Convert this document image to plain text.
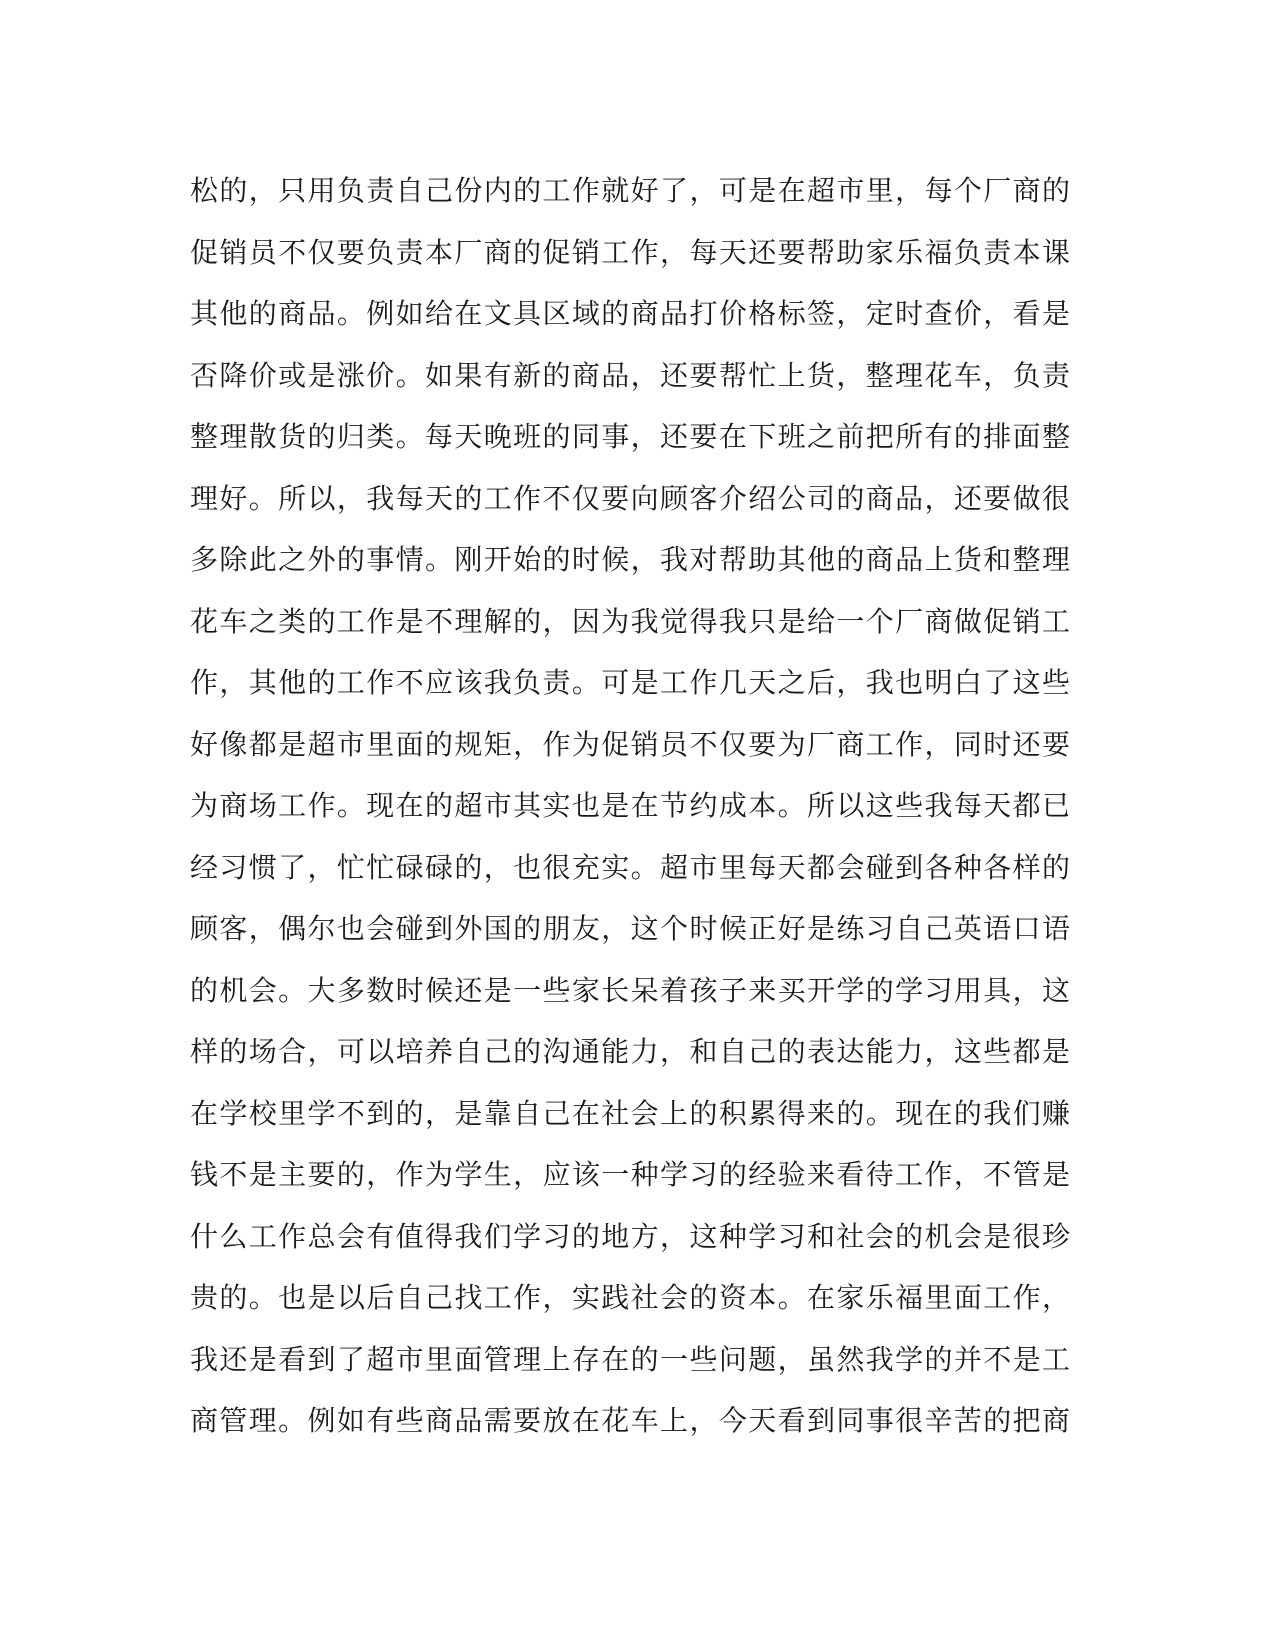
松的，只用负责自己份内的工作就好了，可是在超市里，每个厂商的
促销员不仅要负责本厂商的促销工作，每天还要帮助家乐福负责本课
其他的商品。例如给在文具区域的商品打价格标签，定时查价，看是
否降价或是涨价。如果有新的商品，还要帮忙上货，整理花车，负责
整理散货的归类。每天晚班的同事，还要在下班之前把所有的排面整
理好。所以，我每天的工作不仅要向顾客介绍公司的商品，还要做很
多除此之外的事情。刚开始的时候，我对帮助其他的商品上货和整理
花车之类的工作是不理解的，因为我觉得我只是给一个厂商做促销工
作，其他的工作不应该我负责。可是工作几天之后，我也明白了这些
好像都是超市里面的规矩，作为促销员不仅要为厂商工作，同时还要
为商场工作。现在的超市其实也是在节约成本。所以这些我每天都已
经习惯了，忙忙碌碌的，也很充实。超市里每天都会碰到各种各样的
顾客，偶尔也会碰到外国的朋友，这个时候正好是练习自己英语口语
的机会。大多数时候还是一些家长呆着孩子来买开学的学习用具，这
样的场合，可以培养自己的沟通能力，和自己的表达能力，这些都是
在学校里学不到的，是靠自己在社会上的积累得来的。现在的我们赚
钱不是主要的，作为学生，应该一种学习的经验来看待工作，不管是
什么工作总会有值得我们学习的地方，这种学习和社会的机会是很珍
贵的。也是以后自己找工作，实践社会的资本。在家乐福里面工作，
我还是看到了超市里面管理上存在的一些问题，虽然我学的并不是工
商管理。例如有些商品需要放在花车上，今天看到同事很辛苦的把商
